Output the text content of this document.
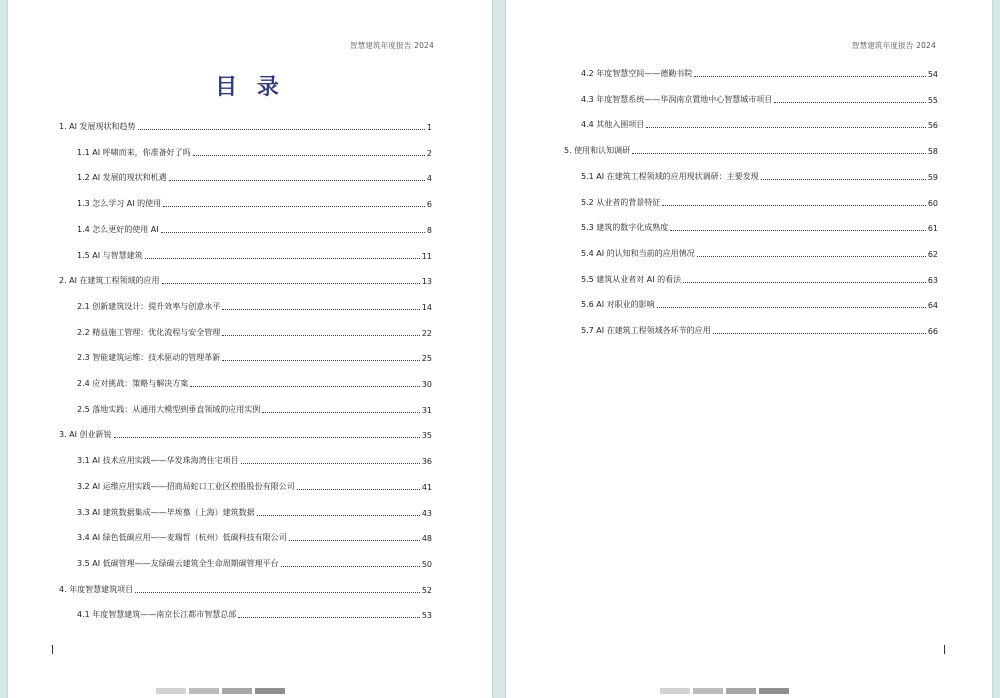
智慧建筑年度报告 2024
目 录
1. AI 发展现状和趋势	1
1.1 AI 呼啸而来，你准备好了吗	2
1.2 AI 发展的现状和机遇	4
1.3 怎么学习 AI 的使用	6
1.4 怎么更好的使用 AI	8
1.5 AI 与智慧建筑	11
2. AI 在建筑工程领域的应用	13
2.1 创新建筑设计：提升效率与创意水平	14
2.2 精益施工管理：优化流程与安全管理	22
2.3 智能建筑运维：技术驱动的管理革新	25
2.4 应对挑战：策略与解决方案	30
2.5 落地实践：从通用大模型到垂直领域的应用实例	31
3. AI 创业新锐	35
3.1 AI 技术应用实践——华发珠海湾住宅项目	36
3.2 AI 运维应用实践——招商局蛇口工业区控股股份有限公司	41
3.3 AI 建筑数据集成——毕埃慕（上海）建筑数据	43
3.4 AI 绿色低碳应用——麦瑞哲（杭州）低碳科技有限公司	48
3.5 AI 低碳管理——友绿碳云建筑全生命周期碳管理平台	50
4. 年度智慧建筑项目	52
4.1 年度智慧建筑——南京长江都市智慧总部	53
智慧建筑年度报告 2024
4.2 年度智慧空间——德勤书院	54
4.3 年度智慧系统——华润南京置地中心智慧城市项目	55
4.4 其他入围项目	56
5. 使用和认知调研	58
5.1 AI 在建筑工程领域的应用现状调研：主要发现	59
5.2 从业者的背景特征	60
5.3 建筑的数字化成熟度	61
5.4 AI 的认知和当前的应用情况	62
5.5 建筑从业者对 AI 的看法	63
5.6 AI 对职业的影响	64
5.7 AI 在建筑工程领域各环节的应用	66
